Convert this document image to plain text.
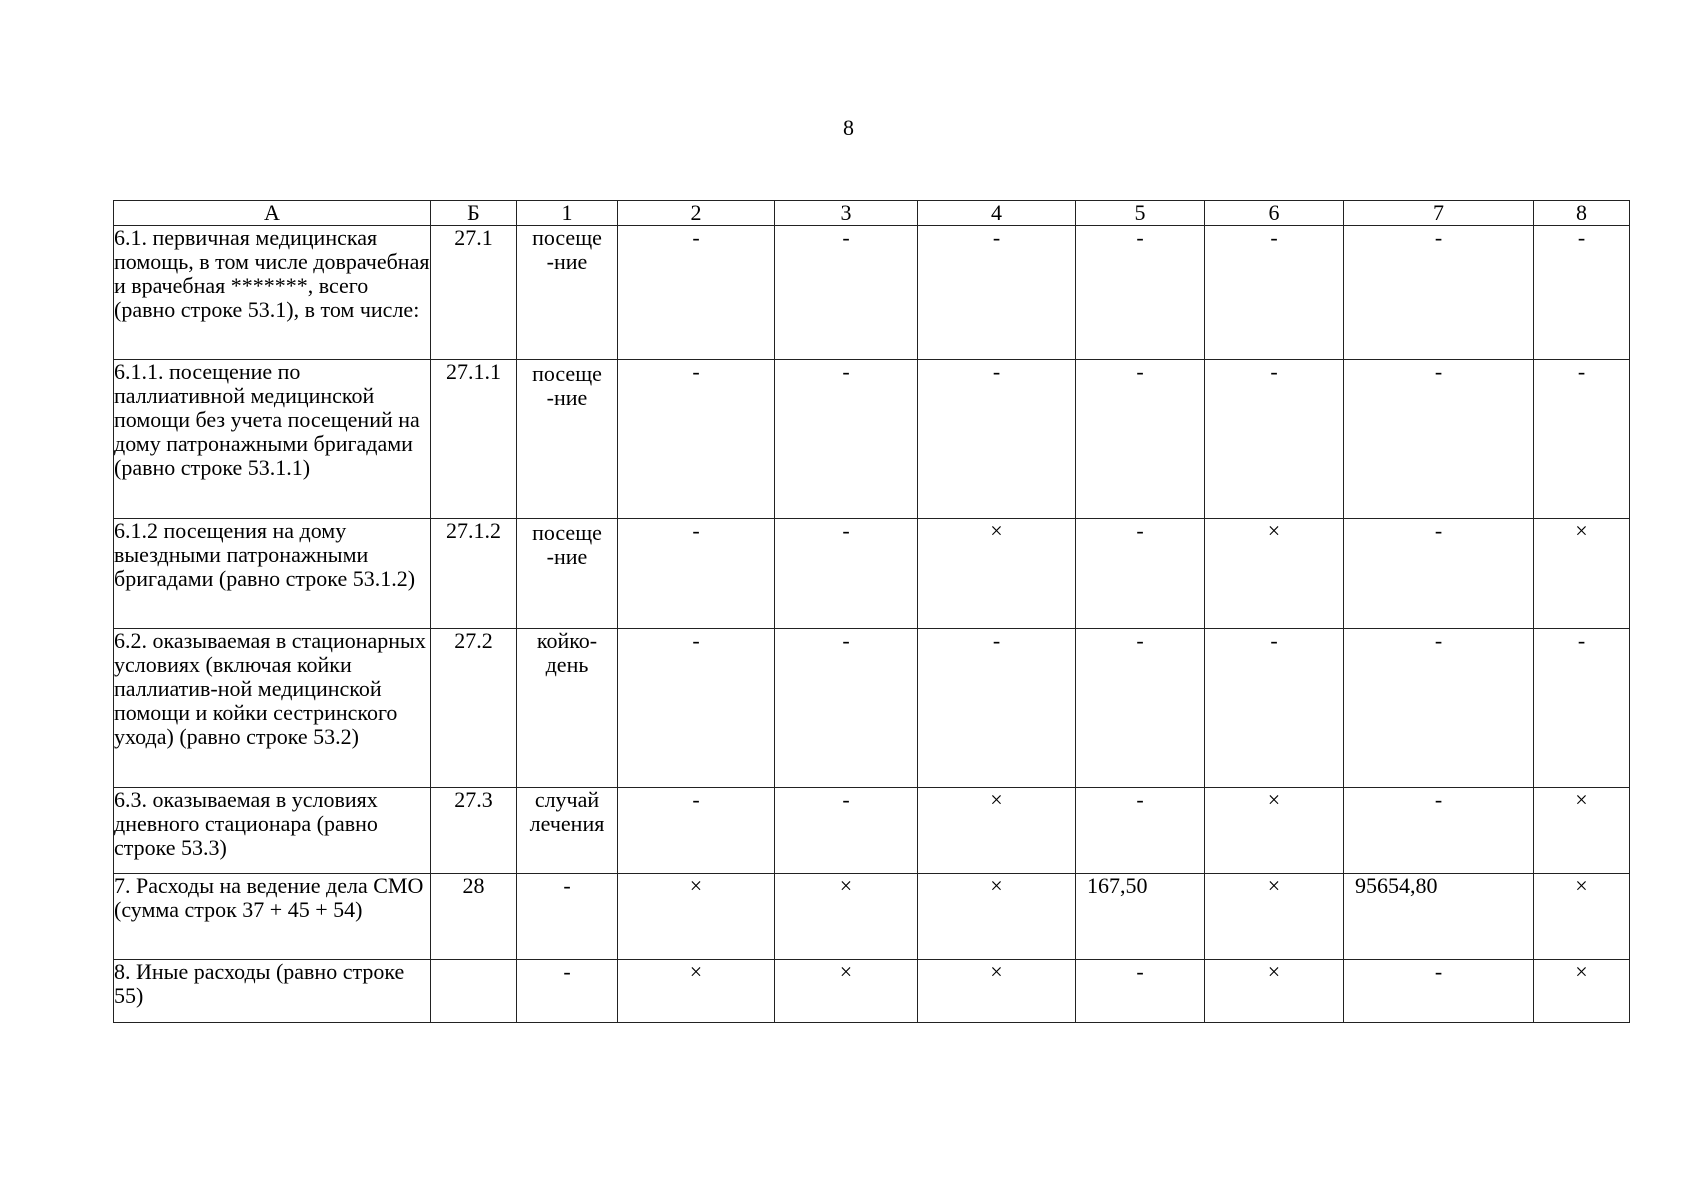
8
А	Б	1	2	3	4	5	6	7	8
6.1. первичная медицинская помощь, в том числе доврачебная и врачебная *******, всего (равно строке 53.1), в том числе:	27.1	посеще -ние	-	-	-	-	-	-	-
6.1.1. посещение по паллиативной медицинской помощи без учета посещений на дому патронажными бригадами (равно строке 53.1.1)	27.1.1	посеще -ние	-	-	-	-	-	-	-
6.1.2 посещения на дому выездными патронажными бригадами (равно строке 53.1.2)	27.1.2	посеще -ние	-	-	×	-	×	-	×
6.2. оказываемая в стационарных условиях (включая койки паллиатив-ной медицинской помощи и койки сестринского ухода) (равно строке 53.2)	27.2	койко- день	-	-	-	-	-	-	-
6.3. оказываемая в условиях дневного стационара (равно строке 53.3)	27.3	случай лечения	-	-	×	-	×	-	×
7. Расходы на ведение дела СМО (сумма строк 37 + 45 + 54)	28	-	×	×	×	167,50	×	95654,80	×
8. Иные расходы (равно строке 55)		-	×	×	×	-	×	-	×
